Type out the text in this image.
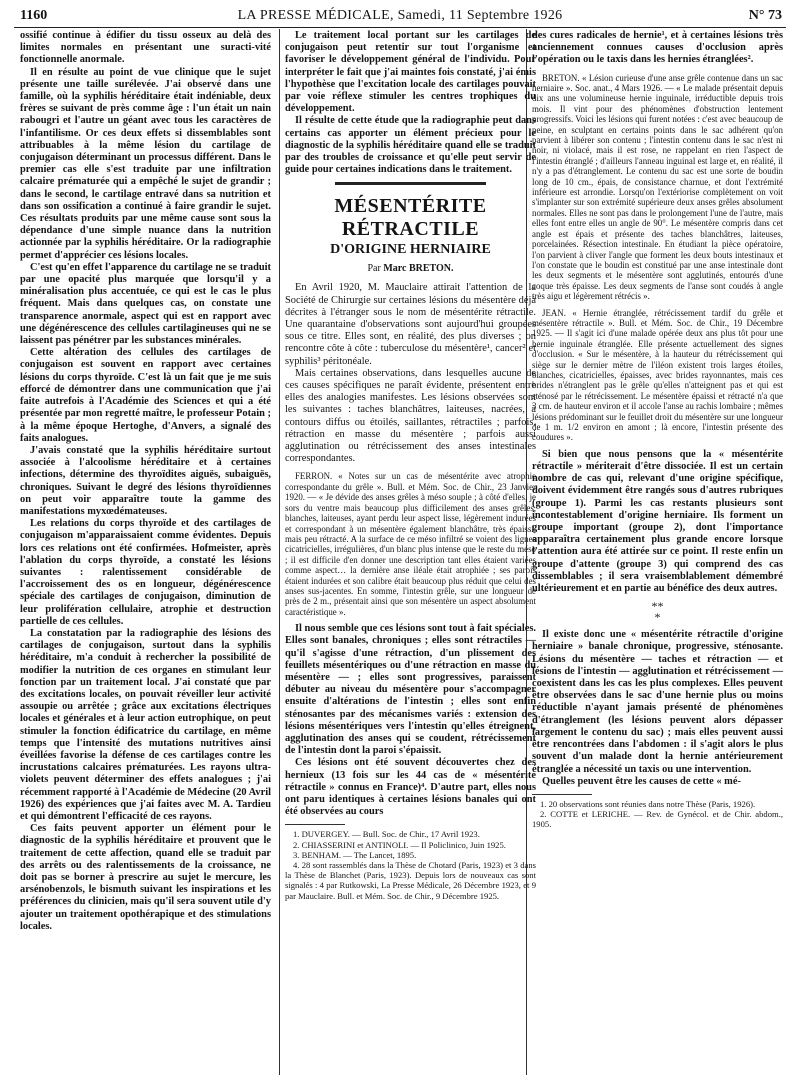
1160	LA PRESSE MÉDICALE, Samedi, 11 Septembre 1926	N° 73

ossifié continue à édifier du tissu osseux au delà des limites normales en présentant une suracti-vité fonctionnelle anormale.

Il en résulte au point de vue clinique que le sujet présente une taille surélevée. J'ai observé dans une famille, où la syphilis héréditaire était indéniable, deux frères se suivant de près comme âge : l'un était un nain rabougri et l'autre un géant avec tous les caractères de l'infantilisme. Or ces deux effets si dissemblables sont attribuables à la même lésion du cartilage de conjugaison déterminant un processus différent. Dans le premier cas elle s'est traduite par une infiltration calcaire prématurée qui a empêché le sujet de grandir ; dans le second, le cartilage entravé dans sa nutrition et dans son ossification a continué à faire grandir le sujet. Ces résultats produits par une même cause sont sous la dépendance d'une simple nuance dans la nutrition actionnée par la syphilis héréditaire. Or la radiographie permet d'apprécier ces lésions locales.

C'est qu'en effet l'apparence du cartilage ne se traduit par une opacité plus marquée que lorsqu'il y a minéralisation plus accentuée, ce qui est le cas le plus fréquent. Mais dans quelques cas, on constate une transparence anormale, aspect qui est en rapport avec une dégénérescence des cellules cartilagineuses qui ne se laissent pas pénétrer par les substances minérales.

Cette altération des cellules des cartilages de conjugaison est souvent en rapport avec certaines lésions du corps thyroïde. C'est là un fait que je me suis efforcé de démontrer dans une communication que j'ai faite autrefois à l'Académie des Sciences et qui a été présentée par mon regretté maître, le professeur Potain ; à la même époque Hertoghe, d'Anvers, a signalé des faits analogues.

J'avais constaté que la syphilis héréditaire surtout associée à l'alcoolisme héréditaire et à certaines infections, détermine des thyroïdites aiguës, subaiguës, chroniques. Suivant le degré des lésions thyroïdiennes on peut voir apparaître toute la gamme des manifestations myxœdémateuses.

Les relations du corps thyroïde et des cartilages de conjugaison m'apparaissaient comme évidentes. Depuis lors ces relations ont été confirmées. Hofmeister, après l'ablation du corps thyroïde, a constaté les lésions suivantes : ralentissement considérable de l'accroissement des os en longueur, dégénérescence spéciale des cartilages de conjugaison, diminution de leur prolifération cellulaire, atrophie et destruction partielle de ces cellules.

La constatation par la radiographie des lésions des cartilages de conjugaison, surtout dans la syphilis héréditaire, m'a conduit à rechercher la possibilité de modifier la nutrition de ces organes en stimulant leur fonction par un traitement local. J'ai constaté que par des excitations locales, on pouvait réveiller leur activité assoupie ou arrêtée ; grâce aux excitations électriques locales et générales et à leur action eutrophique, on peut stimuler la fonction édificatrice du cartilage, en même temps que l'intensité des mutations nutritives ainsi éveillées favorise la défense de ces cartilages contre les incrustations calcaires prématurées. Les rayons ultra-violets peuvent déterminer des effets analogues ; j'ai récemment rapporté à l'Académie de Médecine (20 Avril 1926) des expériences que j'ai faites avec M. A. Tardieu et qui démontrent l'efficacité de ces rayons.

Ces faits peuvent apporter un élément pour le diagnostic de la syphilis héréditaire et prouvent que le traitement de cette affection, quand elle se traduit par des arrêts ou des ralentissements de la croissance, ne doit pas se borner à prescrire au sujet le mercure, les arsénobenzols, le bismuth suivant les inspirations et les préférences du clinicien, mais qu'il sera souvent utile d'y ajouter un traitement opothérapique et des stimulations locales.

Le traitement local portant sur les cartilages de conjugaison peut retentir sur tout l'organisme et favoriser le développement général de l'individu. Pour interpréter le fait que j'ai maintes fois constaté, j'ai émis l'hypothèse que l'excitation locale des cartilages pouvait par voie réflexe stimuler les centres trophiques du développement.

Il résulte de cette étude que la radiographie peut dans certains cas apporter un élément précieux pour le diagnostic de la syphilis héréditaire quand elle se traduit par des troubles de croissance et qu'elle peut servir de guide pour certaines indications dans le traitement.

MÉSENTÉRITE RÉTRACTILE
D'ORIGINE HERNIAIRE
Par Marc BRETON.

En Avril 1920, M. Mauclaire attirait l'attention de la Société de Chirurgie sur certaines lésions du mésentère déjà décrites à l'étranger sous le nom de mésentérite rétractile. Une quarantaine d'observations sont aujourd'hui groupées sous ce titre. Elles sont, en réalité, des plus diverses ; on rencontre côte à côte : tuberculose du mésentère¹, cancer² et syphilis³ péritonéale.

Mais certaines observations, dans lesquelles aucune de ces causes spécifiques ne paraît évidente, présentent entre elles des analogies manifestes. Les lésions observées sont les suivantes : taches blanchâtres, laiteuses, nacrées, à contours diffus ou étoilés, saillantes, rétractiles ; parfois, rétraction en masse du mésentère ; parfois aussi agglutination ou rétrécissement des anses intestinales correspondantes.

FERRON. « Notes sur un cas de mésentérite avec atrophie correspondante du grêle ». Bull. et Mém. Soc. de Chir., 23 Janvier 1920. — « Je dévide des anses grêles à méso souple ; à côté d'elles, je sors du ventre mais beaucoup plus difficilement des anses grêles, blanches, laiteuses, ayant perdu leur aspect lisse, légèrement indurées et correspondant à un mésentère également blanchâtre, très épaissi, mais peu rétracté. A la surface de ce méso infiltré se voient des lignes cicatricielles, irrégulières, d'un blanc plus intense que le reste du méso ; il est difficile d'en donner une description tant elles étaient variées comme aspect… la dernière anse iléale était atrophiée ; ses parois étaient indurées et son calibre était beaucoup plus réduit que celui des anses sus-jacentes. En somme, l'intestin grêle, sur une longueur de près de 2 m., présentait ainsi que son mésentère un aspect absolument caractéristique ».

Il nous semble que ces lésions sont tout à fait spéciales. Elles sont banales, chroniques ; elles sont rétractiles — qu'il s'agisse d'une rétraction, d'un plissement des feuillets mésentériques ou d'une rétraction en masse du mésentère — ; elles sont progressives, paraissent débuter au niveau du mésentère pour s'accompagner ensuite d'altérations de l'intestin ; elles sont enfin sténosantes par des mécanismes variés : extension des lésions mésentériques vers l'intestin qu'elles étreignent, agglutination des anses qui se coudent, rétrécissement de l'intestin dont la paroi s'épaissit.

Ces lésions ont été souvent découvertes chez des hernieux (13 fois sur les 44 cas de « mésentérite rétractile » connus en France)⁴. D'autre part, elles nous ont paru identiques à certaines lésions banales qui ont été observées au cours

1. DUVERGEY. — Bull. Soc. de Chir., 17 Avril 1923.

2. CHIASSERINI et ANTINOLI. — Il Policlinico, Juin 1925.

3. BENHAM. — The Lancet, 1895.

4. 28 sont rassemblés dans la Thèse de Chotard (Paris, 1923) et 3 dans la Thèse de Blanchet (Paris, 1923). Depuis lors de nouveaux cas sont signalés : 4 par Rutkowski, La Presse Médicale, 26 Décembre 1923, et 9 par Mauclaire. Bull. et Mém. Soc. de Chir., 9 Décembre 1925.

des cures radicales de hernie¹, et à certaines lésions très anciennement connues causes d'occlusion après l'opération ou le taxis dans les hernies étranglées².

BRETON. « Lésion curieuse d'une anse grêle contenue dans un sac herniaire ». Soc. anat., 4 Mars 1926. — « Le malade présentait depuis dix ans une volumineuse hernie inguinale, irréductible depuis trois mois. Il vint pour des phénomènes d'obstruction lentement progressifs. Voici les lésions qui furent notées : c'est avec beaucoup de peine, en sculptant en certains points dans le sac adhérent qu'on parvient à libérer son contenu ; l'intestin contenu dans le sac n'est ni noir, ni violacé, mais il est rose, ne rappelant en rien l'aspect de l'intestin étranglé ; d'ailleurs l'anneau inguinal est large et, en réalité, il n'y a pas d'étranglement. Le contenu du sac est une sorte de boudin long de 10 cm., épais, de consistance charnue, et dont l'extrémité inférieure est arrondie. Lorsqu'on l'extériorise complètement on voit s'implanter sur son extrémité supérieure deux anses grêles absolument normales. Elles ne sont pas dans le prolongement l'une de l'autre, mais elles font entre elles un angle de 90°. Le mésentère compris dans cet angle est épais et présente des taches blanchâtres, laiteuses, porcelainées. Résection intestinale. En étudiant la pièce opératoire, l'on parvient à cliver l'angle que forment les deux bouts intestinaux et l'on constate que le boudin est constitué par une anse intestinale dont les deux segments et le mésentère sont agglutinés, entourés d'une coque très épaisse. Les deux segments de l'anse sont coudés à angle très aigu et légèrement rétrécis ».

JEAN. « Hernie étranglée, rétrécissement tardif du grêle et mésentère rétractile ». Bull. et Mém. Soc. de Chir., 19 Décembre 1925. — Il s'agit ici d'une malade opérée deux ans plus tôt pour une hernie inguinale étranglée. Elle présente actuellement des signes d'occlusion. « Sur le mésentère, à la hauteur du rétrécissement qui siège sur le dernier mètre de l'iléon existent trois larges étoiles, blanches, cicatricielles, épaisses, avec brides rayonnantes, mais ces brides n'étranglent pas le grêle qu'elles n'atteignent pas et qui est sténosé par le rétrécissement. Le mésentère épaissi et rétracté n'a que 3 cm. de hauteur environ et il accole l'anse au rachis lombaire ; mêmes lésions prédominant sur le feuillet droit du mésentère sur une longueur de 1 m. 1/2 environ en amont ; là encore, l'intestin présente des coudures ».

Si bien que nous pensons que la « mésentérite rétractile » mériterait d'être dissociée. Il est un certain nombre de cas qui, relevant d'une origine spécifique, doivent évidemment être rangés sous d'autres rubriques (groupe 1). Parmi les cas restants plusieurs sont incontestablement d'origine herniaire. Ils forment un groupe important (groupe 2), dont l'importance apparaîtra certainement plus grande encore lorsque l'attention aura été attirée sur ce point. Il reste enfin un groupe d'attente (groupe 3) qui comprend des cas dissemblables ; il sera vraisemblablement démembré ultérieurement et en partie au bénéfice des deux autres.

**
*

Il existe donc une « mésentérite rétractile d'origine herniaire » banale chronique, progressive, sténosante. Lésions du mésentère — taches et rétraction — et lésions de l'intestin — agglutination et rétrécissement — coexistent dans les cas les plus complexes. Elles peuvent être observées dans le sac d'une hernie plus ou moins réductible n'ayant jamais présenté de phénomènes d'étranglement (les lésions peuvent alors dépasser largement le contenu du sac) ; mais elles peuvent aussi être rencontrées dans l'abdomen : il s'agit alors le plus souvent d'un malade dont la hernie antérieurement étranglée a nécessité un taxis ou une intervention.

Quelles peuvent être les causes de cette « mé-

1. 20 observations sont réunies dans notre Thèse (Paris, 1926).

2. COTTE et LERICHE. — Rev. de Gynécol. et de Chir. abdom., 1905.
